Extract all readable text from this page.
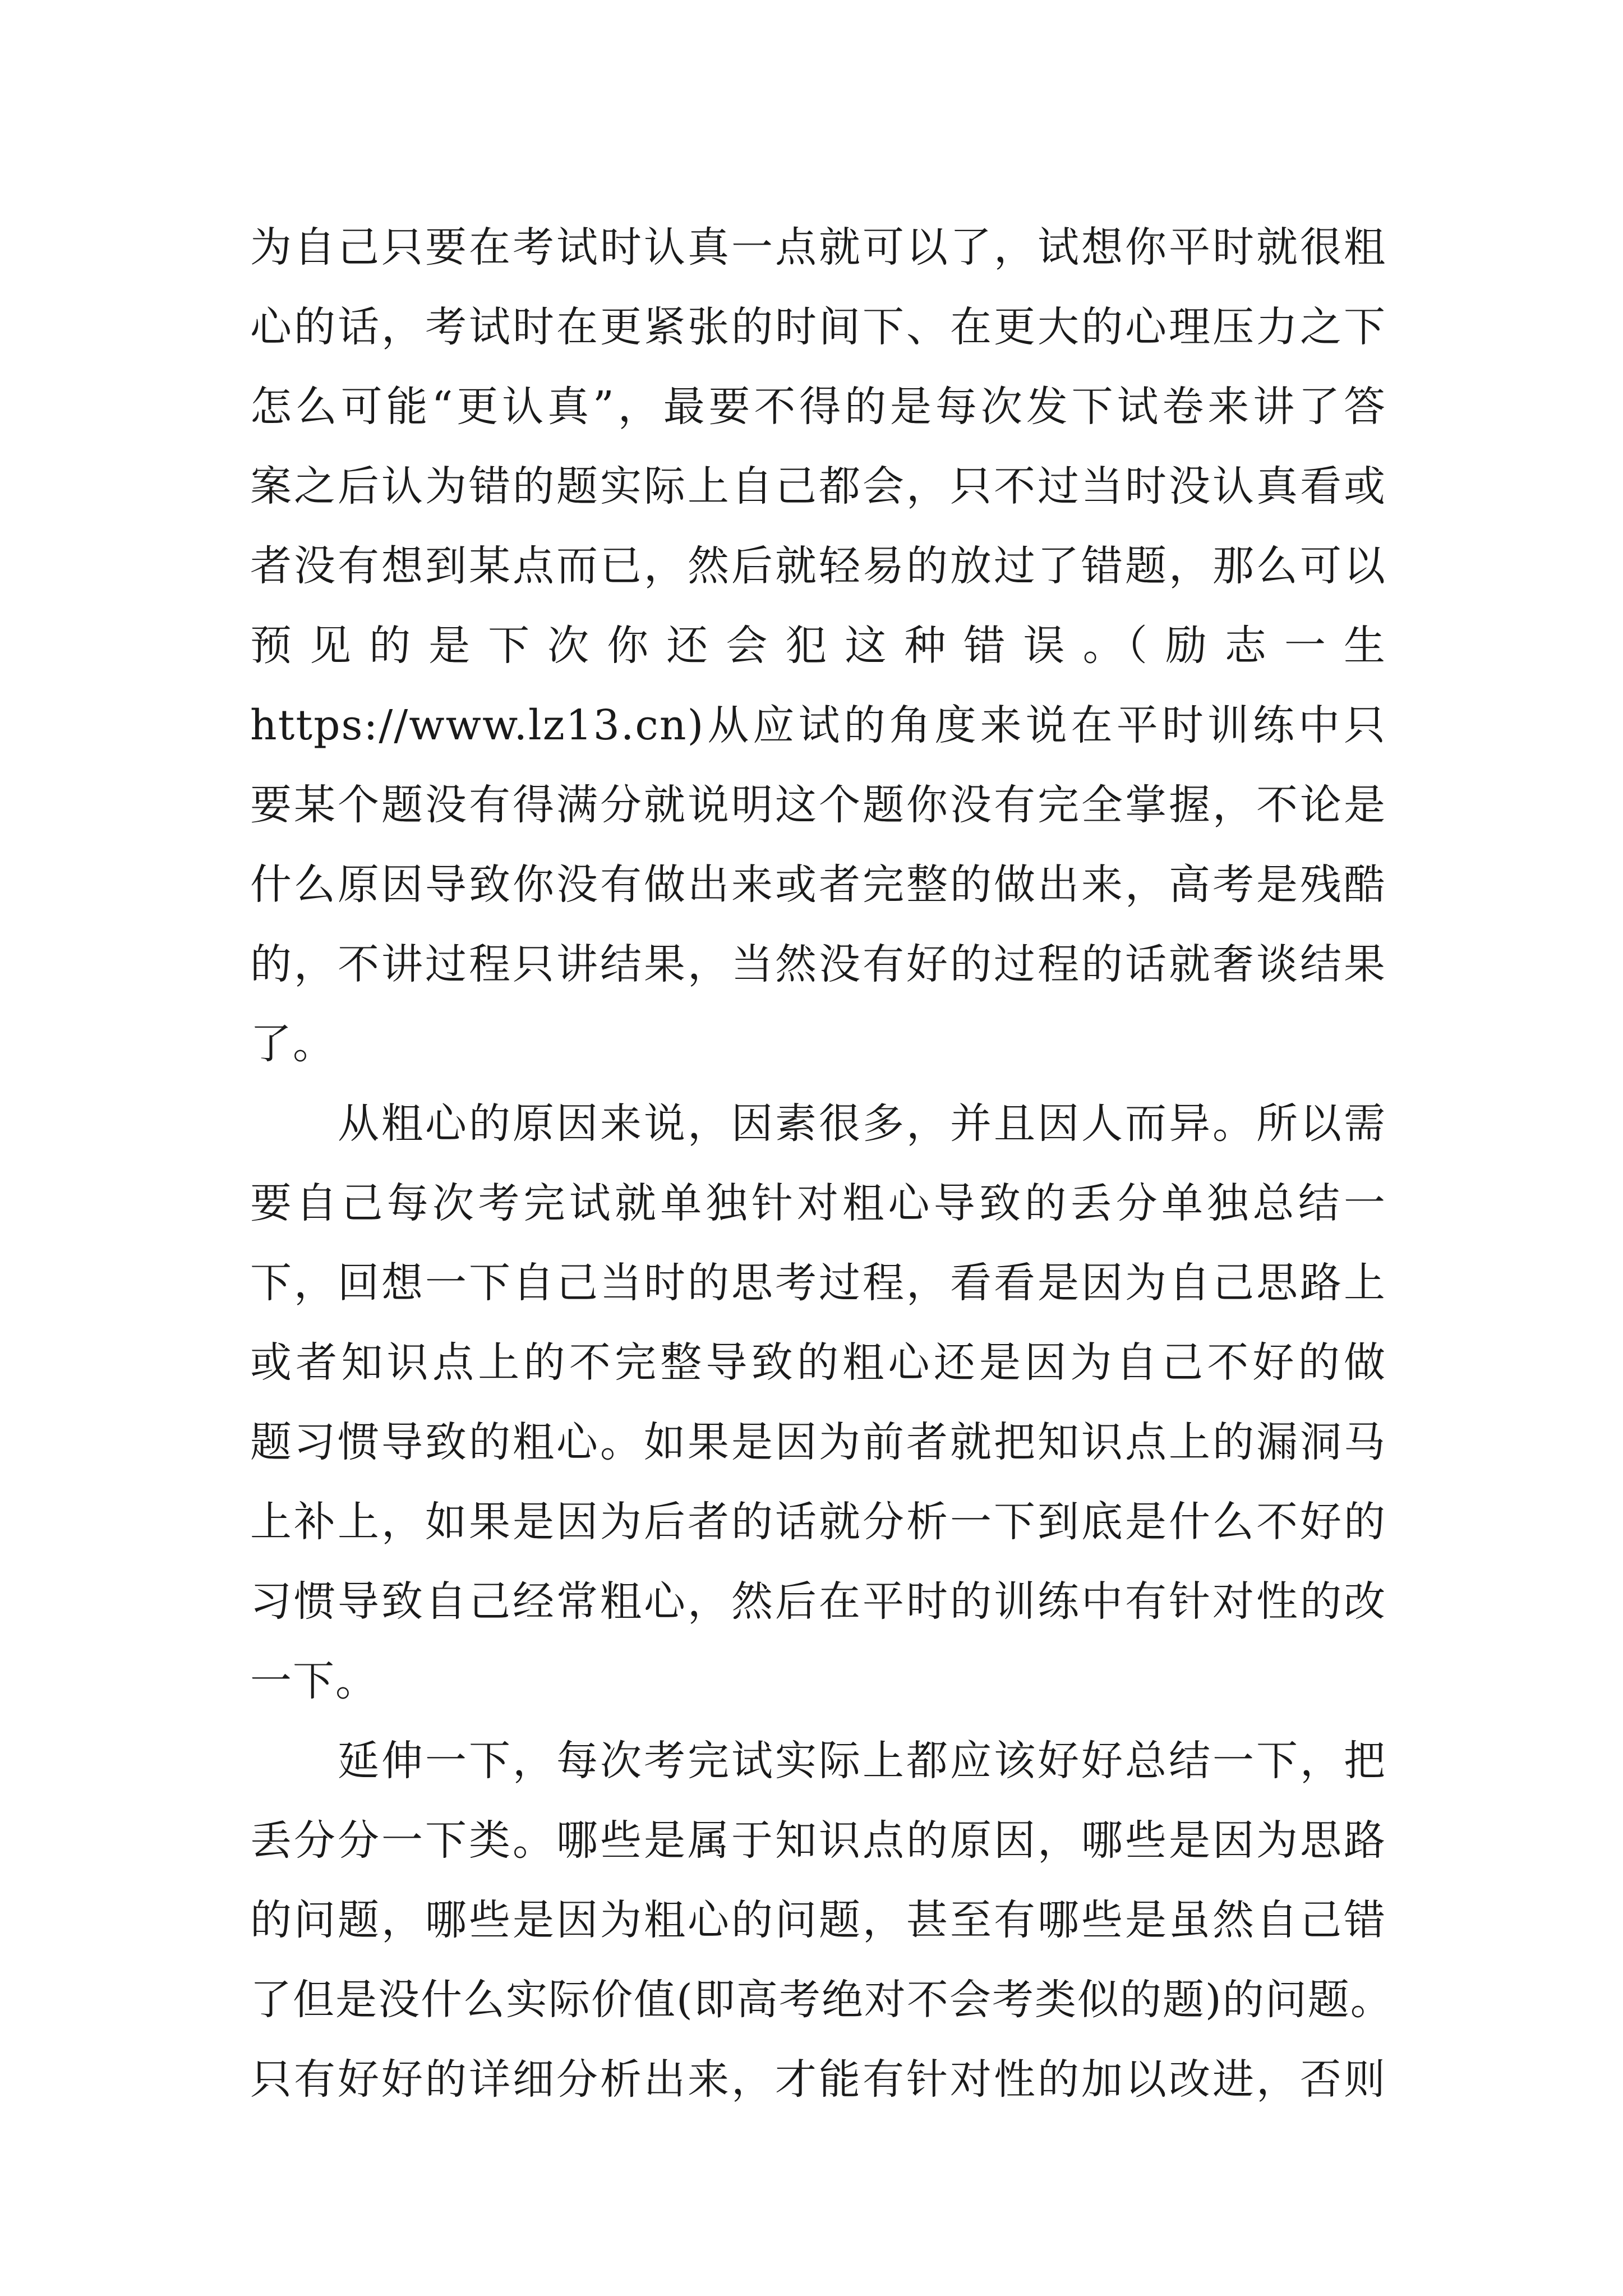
为自己只要在考试时认真一点就可以了，试想你平时就很粗
心的话，考试时在更紧张的时间下、在更大的心理压力之下
怎么可能“更认真”，最要不得的是每次发下试卷来讲了答
案之后认为错的题实际上自己都会，只不过当时没认真看或
者没有想到某点而已，然后就轻易的放过了错题，那么可以
预 见 的 是 下 次 你 还 会 犯 这 种 错 误 。（ 励 志 一 生
https://www.lz13.cn)从应试的角度来说在平时训练中只
要某个题没有得满分就说明这个题你没有完全掌握，不论是
什么原因导致你没有做出来或者完整的做出来，高考是残酷
的，不讲过程只讲结果，当然没有好的过程的话就奢谈结果
了。
　　从粗心的原因来说，因素很多，并且因人而异。所以需
要自己每次考完试就单独针对粗心导致的丢分单独总结一
下，回想一下自己当时的思考过程，看看是因为自己思路上
或者知识点上的不完整导致的粗心还是因为自己不好的做
题习惯导致的粗心。如果是因为前者就把知识点上的漏洞马
上补上，如果是因为后者的话就分析一下到底是什么不好的
习惯导致自己经常粗心，然后在平时的训练中有针对性的改
一下。
　　延伸一下，每次考完试实际上都应该好好总结一下，把
丢分分一下类。哪些是属于知识点的原因，哪些是因为思路
的问题，哪些是因为粗心的问题，甚至有哪些是虽然自己错
了但是没什么实际价值(即高考绝对不会考类似的题)的问题。
只有好好的详细分析出来，才能有针对性的加以改进，否则
